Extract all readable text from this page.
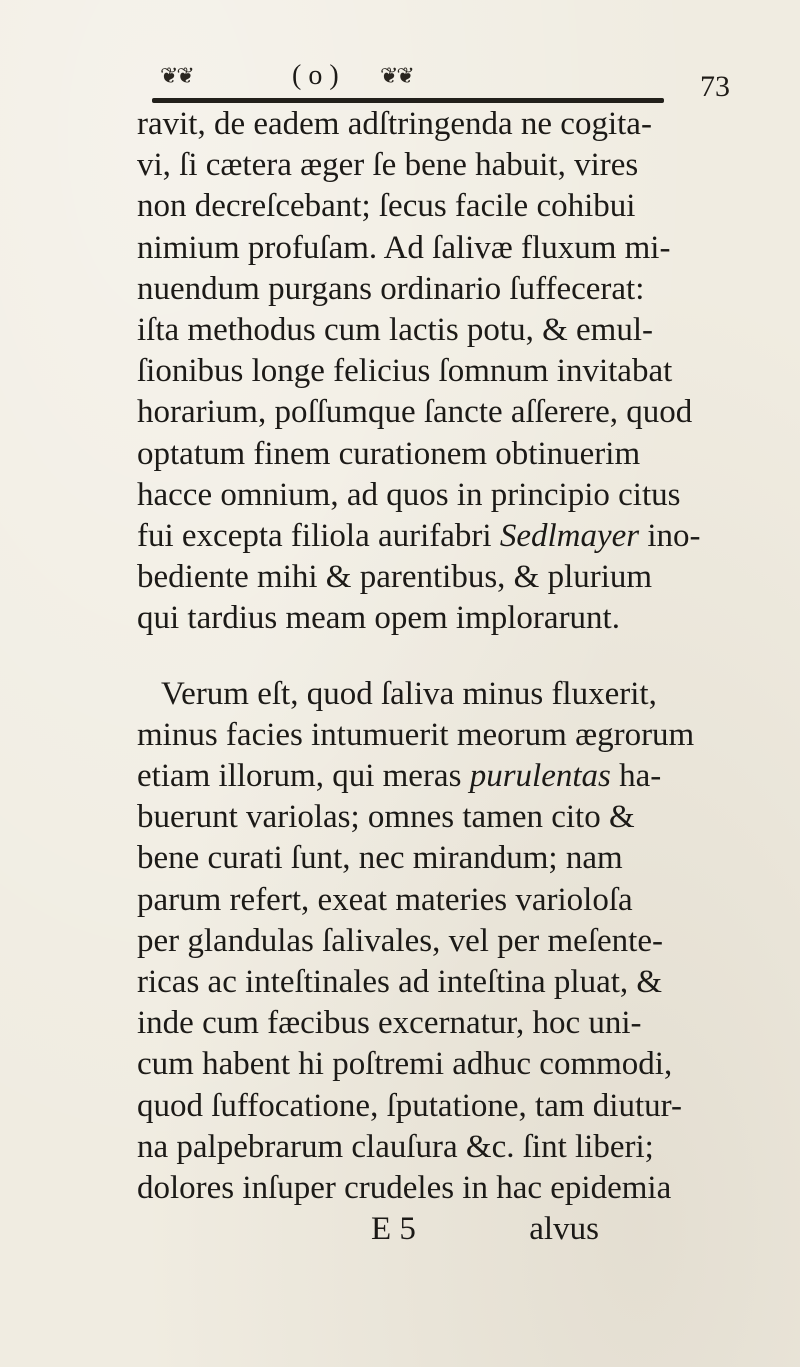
❦❦	( o ) ❦❦	73
ravit, de eadem adſtringenda ne cogita-
vi, ſi cætera æger ſe bene habuit, vires
non decreſcebant; ſecus facile cohibui
nimium profuſam. Ad ſalivæ fluxum mi-
nuendum purgans ordinario ſuffecerat:
iſta methodus cum lactis potu, & emul-
ſionibus longe felicius ſomnum invitabat
horarium, poſſumque ſancte aſſerere, quod
optatum finem curationem obtinuerim
hacce omnium, ad quos in principio citus
fui excepta filiola aurifabri Sedlmayer ino-
bediente mihi & parentibus, & plurium
qui tardius meam opem implorarunt.
Verum eſt, quod ſaliva minus fluxerit,
minus facies intumuerit meorum ægrorum
etiam illorum, qui meras purulentas ha-
buerunt variolas; omnes tamen cito &
bene curati ſunt, nec mirandum; nam
parum refert, exeat materies varioloſa
per glandulas ſalivales, vel per meſente-
ricas ac inteſtinales ad inteſtina pluat, &
inde cum fæcibus excernatur, hoc uni-
cum habent hi poſtremi adhuc commodi,
quod ſuffocatione, ſputatione, tam diutur-
na palpebrarum clauſura &c. ſint liberi;
dolores inſuper crudeles in hac epidemia
E 5	alvus
